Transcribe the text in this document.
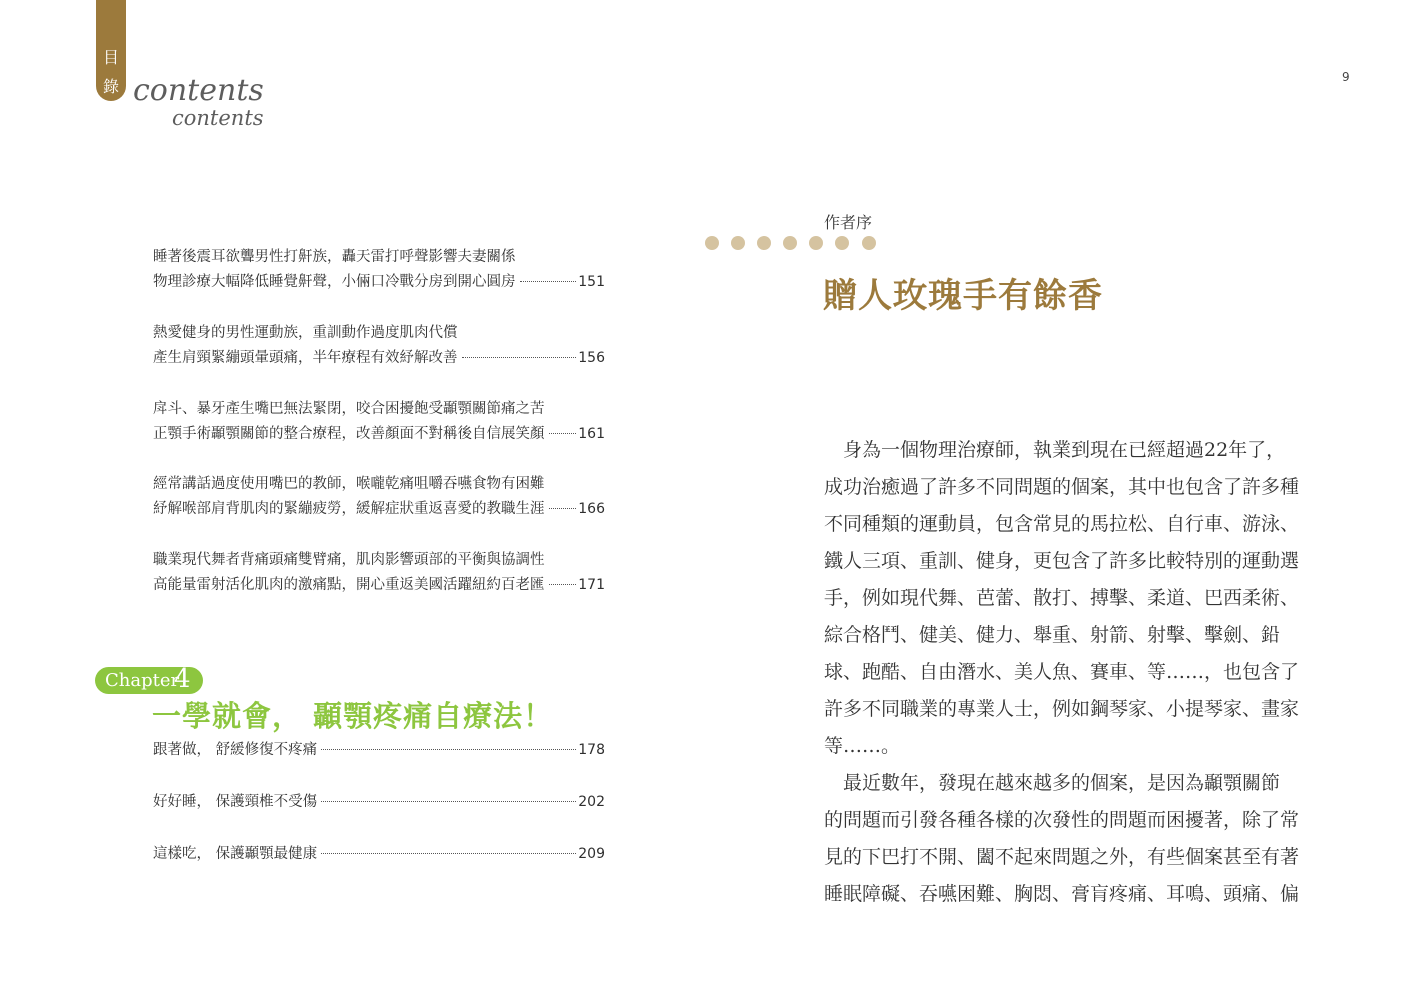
目
錄 contents
contents
9
睡著後震耳欲聾男性打鼾族，轟天雷打呼聲影響夫妻關係
物理診療大幅降低睡覺鼾聲，小倆口冷戰分房到開心圓房	151
熱愛健身的男性運動族，重訓動作過度肌肉代償
產生肩頸緊繃頭暈頭痛，半年療程有效紓解改善	156
戽斗、暴牙產生嘴巴無法緊閉，咬合困擾飽受顳顎關節痛之苦
正顎手術顳顎關節的整合療程，改善顏面不對稱後自信展笑顏 161
經常講話過度使用嘴巴的教師，喉嚨乾痛咀嚼吞嚥食物有困難
紓解喉部肩背肌肉的緊繃疲勞，緩解症狀重返喜愛的教職生涯 166
職業現代舞者背痛頭痛雙臂痛，肌肉影響頭部的平衡與協調性
高能量雷射活化肌肉的激痛點，開心重返美國活躍紐約百老匯 171
Chapter
4
一學就會， 顳顎疼痛自療法！
跟著做， 舒緩修復不疼痛	178
好好睡， 保護頸椎不受傷	202
這樣吃， 保護顳顎最健康	209
作者序
贈人玫瑰手有餘香
　身為一個物理治療師，執業到現在已經超過22年了，
成功治癒過了許多不同問題的個案，其中也包含了許多種
不同種類的運動員，包含常見的馬拉松、自行車、游泳、
鐵人三項、重訓、健身，更包含了許多比較特別的運動選
手，例如現代舞、芭蕾、散打、搏擊、柔道、巴西柔術、
綜合格鬥、健美、健力、舉重、射箭、射擊、擊劍、鉛
球、跑酷、自由潛水、美人魚、賽車、等……，也包含了
許多不同職業的專業人士，例如鋼琴家、小提琴家、畫家
等……。
　最近數年，發現在越來越多的個案，是因為顳顎關節
的問題而引發各種各樣的次發性的問題而困擾著，除了常
見的下巴打不開、闔不起來問題之外，有些個案甚至有著
睡眠障礙、吞嚥困難、胸悶、膏肓疼痛、耳鳴、頭痛、偏
